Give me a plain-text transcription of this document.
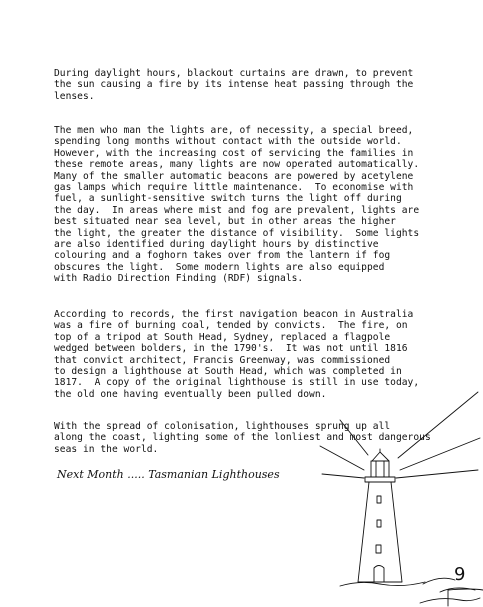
During daylight hours, blackout curtains are drawn, to prevent
the sun causing a fire by its intense heat passing through the
lenses.
The men who man the lights are, of necessity, a special breed,
spending long months without contact with the outside world.
However, with the increasing cost of servicing the families in
these remote areas, many lights are now operated automatically.
Many of the smaller automatic beacons are powered by acetylene
gas lamps which require little maintenance.  To economise with
fuel, a sunlight-sensitive switch turns the light off during
the day.  In areas where mist and fog are prevalent, lights are
best situated near sea level, but in other areas the higher
the light, the greater the distance of visibility.  Some lights
are also identified during daylight hours by distinctive
colouring and a foghorn takes over from the lantern if fog
obscures the light.  Some modern lights are also equipped
with Radio Direction Finding (RDF) signals.
According to records, the first navigation beacon in Australia
was a fire of burning coal, tended by convicts.  The fire, on
top of a tripod at South Head, Sydney, replaced a flagpole
wedged between bolders, in the 1790's.  It was not until 1816
that convict architect, Francis Greenway, was commissioned
to design a lighthouse at South Head, which was completed in
1817.  A copy of the original lighthouse is still in use today,
the old one having eventually been pulled down.
With the spread of colonisation, lighthouses sprung up all
along the coast, lighting some of the lonliest and most dangerous
seas in the world.
Next Month ..... Tasmanian Lighthouses
9
